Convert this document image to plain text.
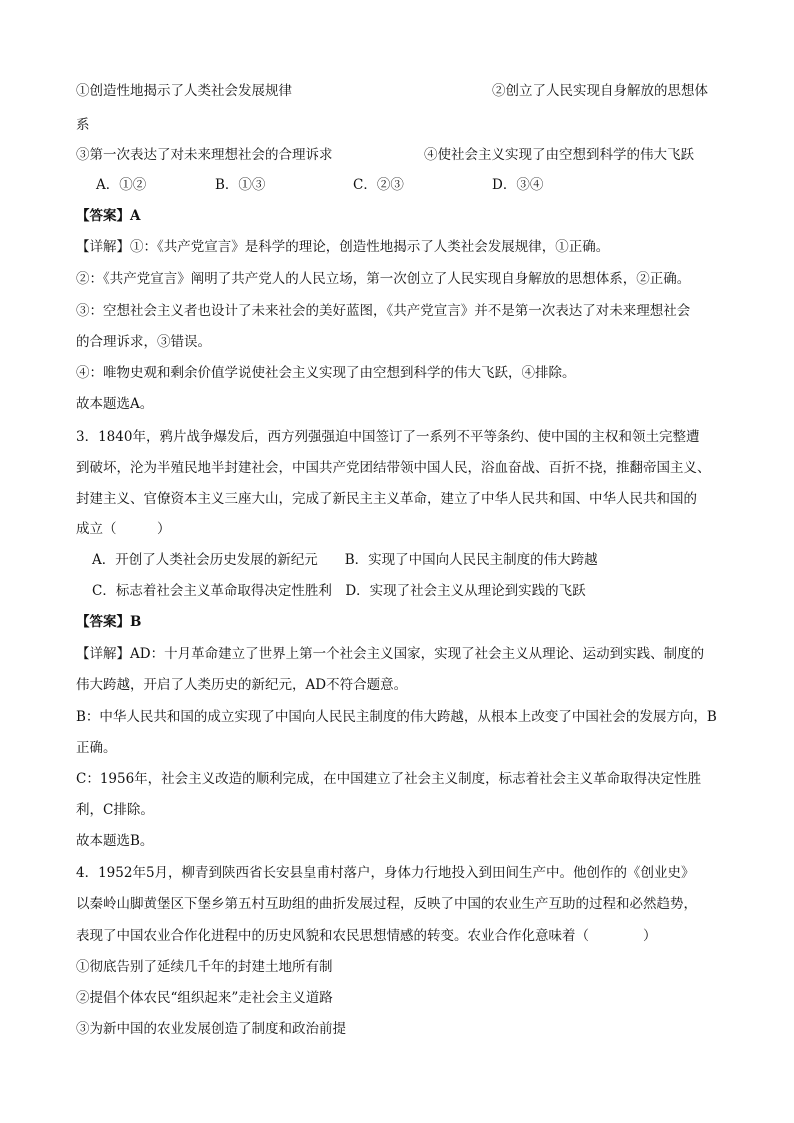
①创造性地揭示了人类社会发展规律	②创立了人民实现自身解放的思想体
系
③第一次表达了对未来理想社会的合理诉求	④使社会主义实现了由空想到科学的伟大飞跃
A．①②	B．①③	C．②③	D．③④
【答案】A
【详解】①：《共产党宣言》是科学的理论，创造性地揭示了人类社会发展规律，①正确。
②：《共产党宣言》阐明了共产党人的人民立场，第一次创立了人民实现自身解放的思想体系，②正确。
③：空想社会主义者也设计了未来社会的美好蓝图，《共产党宣言》并不是第一次表达了对未来理想社会
的合理诉求，③错误。
④：唯物史观和剩余价值学说使社会主义实现了由空想到科学的伟大飞跃，④排除。
故本题选A。
3．1840年，鸦片战争爆发后，西方列强强迫中国签订了一系列不平等条约、使中国的主权和领土完整遭
到破坏，沦为半殖民地半封建社会，中国共产党团结带领中国人民，浴血奋战、百折不挠，推翻帝国主义、
封建主义、官僚资本主义三座大山，完成了新民主主义革命，建立了中华人民共和国、中华人民共和国的
成立（　　　）
A．开创了人类社会历史发展的新纪元　　B．实现了中国向人民民主制度的伟大跨越
C．标志着社会主义革命取得决定性胜利　D．实现了社会主义从理论到实践的飞跃
【答案】B
【详解】AD：十月革命建立了世界上第一个社会主义国家，实现了社会主义从理论、运动到实践、制度的
伟大跨越，开启了人类历史的新纪元，AD不符合题意。
B：中华人民共和国的成立实现了中国向人民民主制度的伟大跨越，从根本上改变了中国社会的发展方向，B
正确。
C：1956年，社会主义改造的顺利完成，在中国建立了社会主义制度，标志着社会主义革命取得决定性胜
利，C排除。
故本题选B。
4．1952年5月，柳青到陕西省长安县皇甫村落户，身体力行地投入到田间生产中。他创作的《创业史》
以秦岭山脚黄堡区下堡乡第五村互助组的曲折发展过程，反映了中国的农业生产互助的过程和必然趋势，
表现了中国农业合作化进程中的历史风貌和农民思想情感的转变。农业合作化意味着（　　　　）
①彻底告别了延续几千年的封建土地所有制
②提倡个体农民“组织起来”走社会主义道路
③为新中国的农业发展创造了制度和政治前提
